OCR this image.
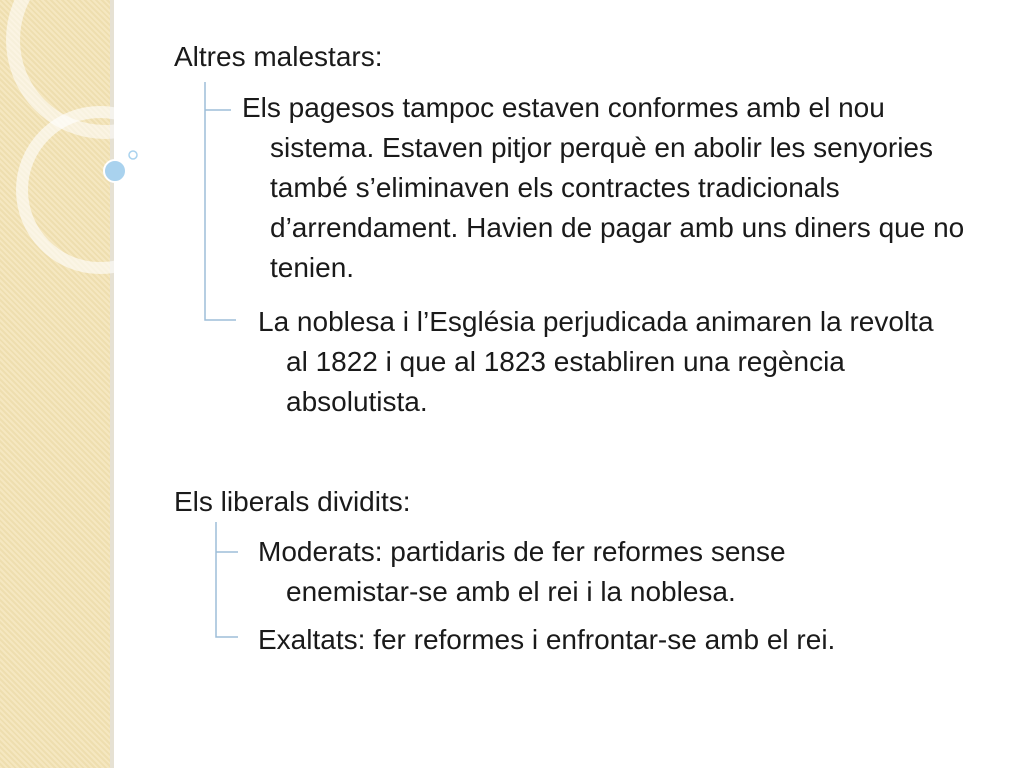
Altres malestars:

Els pagesos tampoc estaven conformes amb el nou sistema. Estaven pitjor perquè en abolir les senyories també s’eliminaven els contractes tradicionals d’arrendament. Havien de pagar amb uns diners que no tenien.

La noblesa i l’Església perjudicada animaren la revolta al 1822 i que al 1823 establiren una regència absolutista.

Els liberals dividits:

Moderats: partidaris de fer reformes sense enemistar-se amb el rei i la noblesa.

Exaltats: fer reformes i enfrontar-se amb el rei.
